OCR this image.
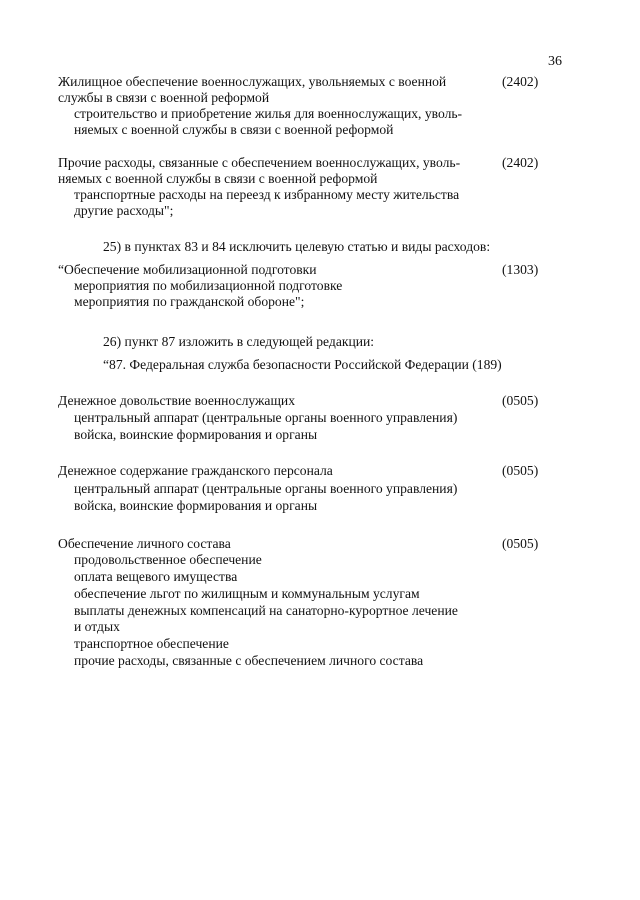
36
Жилищное обеспечение военнослужащих, увольняемых с военной	(2402)
службы в связи с военной реформой
строительство и приобретение жилья для военнослужащих, уволь-
няемых с военной службы в связи с военной реформой
Прочие расходы, связанные с обеспечением военнослужащих, уволь-	(2402)
няемых с военной службы в связи с военной реформой
транспортные расходы на переезд к избранному месту жительства
другие расходы";
25) в пунктах 83 и 84 исключить целевую статью и виды расходов:
“Обеспечение мобилизационной подготовки	(1303)
мероприятия по мобилизационной подготовке
мероприятия по гражданской обороне";
26) пункт 87 изложить в следующей редакции:
“87. Федеральная служба безопасности Российской Федерации (189)
Денежное довольствие военнослужащих	(0505)
центральный аппарат (центральные органы военного управления)
войска, воинские формирования и органы
Денежное содержание гражданского персонала	(0505)
центральный аппарат (центральные органы военного управления)
войска, воинские формирования и органы
Обеспечение личного состава	(0505)
продовольственное обеспечение
оплата вещевого имущества
обеспечение льгот по жилищным и коммунальным услугам
выплаты денежных компенсаций на санаторно-курортное лечение
и отдых
транспортное обеспечение
прочие расходы, связанные с обеспечением личного состава
